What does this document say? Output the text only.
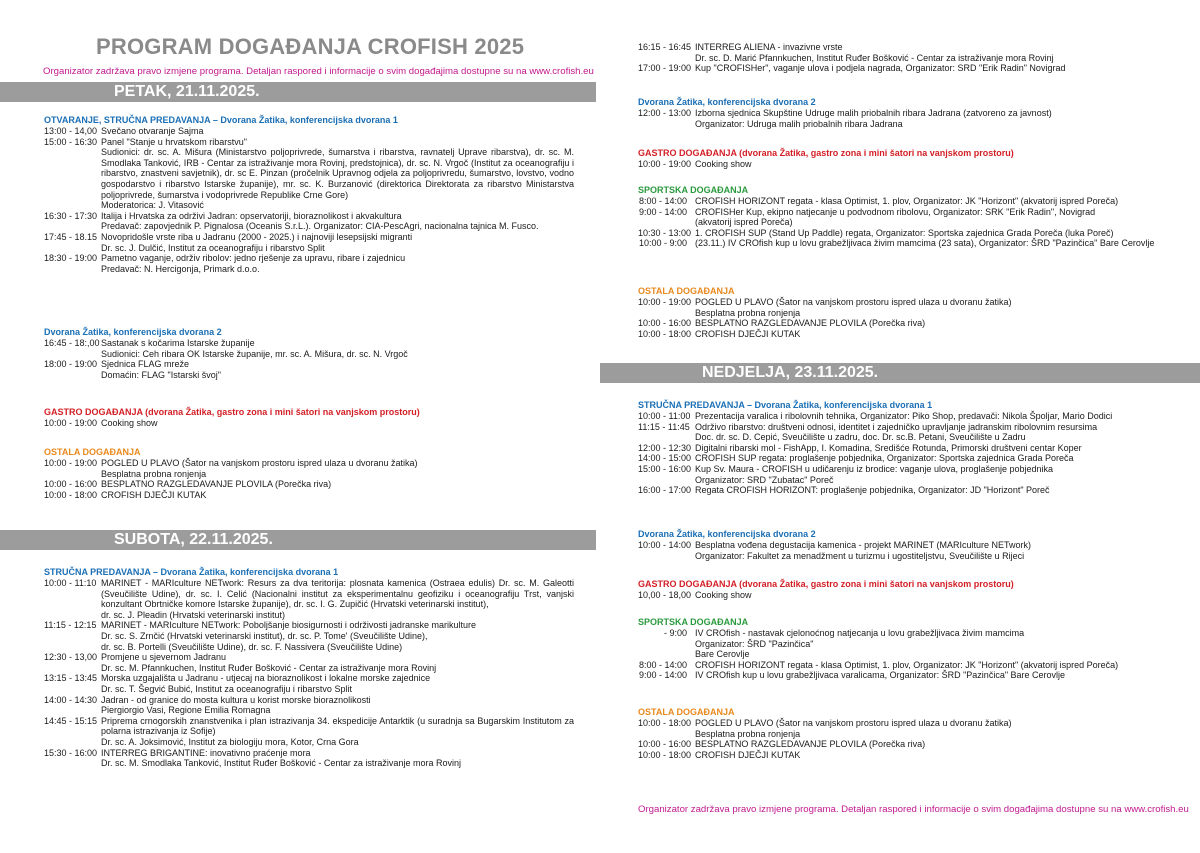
PROGRAM DOGAĐANJA CROFISH 2025
Organizator zadržava pravo izmjene programa. Detaljan raspored i informacije o svim događajima dostupne su na www.crofish.eu
PETAK, 21.11.2025.
OTVARANJE, STRUČNA PREDAVANJA – Dvorana Žatika, konferencijska dvorana 1
13:00 - 14,00 Svečano otvaranje Sajma
15:00 - 16:30 Panel "Stanje u hrvatskom ribarstvu"
Sudionici: dr. sc. A. Mišura (Ministarstvo poljoprivrede, šumarstva i ribarstva, ravnatelj Uprave ribarstva), dr. sc. M. Smodlaka Tanković, IRB - Centar za istraživanje mora Rovinj, predstojnica), dr. sc. N. Vrgoč (Institut za oceanografiju i ribarstvo, znastveni savjetnik), dr. sc E. Pinzan (pročelnik Upravnog odjela za poljoprivredu, šumarstvo, lovstvo, vodno gospodarstvo i ribarstvo Istarske županije), mr. sc. K. Burzanović (direktorica Direktorata za ribarstvo Ministarstva poljoprivrede, šumarstva i vodoprivrede Republike Crne Gore)
Moderatorica: J. Vitasović
16:30 - 17:30 Italija i Hrvatska za održivi Jadran: opservatoriji, bioraznolikost i akvakultura
Predavač: zapovjednik P. Pignalosa (Oceanis S.r.L.). Organizator: CIA-PescAgri, nacionalna tajnica M. Fusco.
17:45 - 18.15 Novopridošle vrste riba u Jadranu (2000 - 2025.) i najnoviji lesepsijski migranti
Dr. sc. J. Dulčić, Institut za oceanografiju i ribarstvo Split
18:30 - 19:00 Pametno vaganje, održiv ribolov: jedno rješenje za upravu, ribare i zajednicu
Predavač: N. Hercigonja, Primark d.o.o.
Dvorana Žatika, konferencijska dvorana 2
16:45 - 18:,00 Sastanak s kočarima Istarske županije
Sudionici: Ceh ribara OK Istarske županije, mr. sc. A. Mišura, dr. sc. N. Vrgoč
18:00 - 19:00 Sjednica FLAG mreže
Domaćin: FLAG "Istarski švoj"
GASTRO DOGAĐANJA (dvorana Žatika, gastro zona i mini šatori na vanjskom prostoru)
10:00 - 19:00 Cooking show
OSTALA DOGAĐANJA
10:00 - 19:00 POGLED U PLAVO (Šator na vanjskom prostoru ispred ulaza u dvoranu žatika)
Besplatna probna ronjenja
10:00 - 16:00 BESPLATNO RAZGLEDAVANJE PLOVILA (Porečka riva)
10:00 - 18:00 CROFISH DJEČJI KUTAK
SUBOTA, 22.11.2025.
STRUČNA PREDAVANJA – Dvorana Žatika, konferencijska dvorana 1
10:00 - 11:10 MARINET - MARIculture NETwork: Resurs za dva teritorija: plosnata kamenica (Ostraea edulis) Dr. sc. M. Galeotti (Sveučilište Udine), dr. sc. I. Celić (Nacionalni institut za eksperimentalnu geofiziku i oceanografiju Trst, vanjski konzultant Obrtničke komore Istarske županije), dr. sc. I. G. Zupičić (Hrvatski veterinarski institut),
dr. sc. J. Pleadin (Hrvatski veterinarski institut)
11:15 - 12:15 MARINET - MARIculture NETwork: Poboljšanje biosigurnosti i održivosti jadranske marikulture
Dr. sc. S. Zrnčić (Hrvatski veterinarski institut), dr. sc. P. Tome' (Sveučilište Udine),
dr. sc. B. Portelli (Sveučilište Udine), dr. sc. F. Nassivera (Sveučilište Udine)
12:30 - 13,00 Promjene u sjevernom Jadranu
Dr. sc. M. Pfannkuchen, Institut Ruđer Bošković - Centar za istraživanje mora Rovinj
13:15 - 13:45 Morska uzgajališta u Jadranu - utjecaj na bioraznolikost i lokalne morske zajednice
Dr. sc. T. Šegvić Bubić, Institut za oceanografiju i ribarstvo Split
14:00 - 14:30 Jadran - od granice do mosta kultura u korist morske bioraznolikosti
Piergiorgio Vasi, Regione Emilia Romagna
14:45 - 15:15 Priprema crnogorskih znanstvenika i plan istrazivanja 34. ekspedicije Antarktik (u suradnja sa Bugarskim Institutom za polarna istrazivanja iz Sofije)
Dr. sc. A. Joksimović, Institut za biologiju mora, Kotor, Crna Gora
15:30 - 16:00 INTERREG BRIGANTINE: inovativno praćenje mora
Dr. sc. M. Smodlaka Tanković, Institut Ruđer Bošković - Centar za istraživanje mora Rovinj
16:15 - 16:45 INTERREG ALIENA - invazivne vrste
Dr. sc. D. Marić Pfannkuchen, Institut Ruđer Bošković - Centar za istraživanje mora Rovinj
17:00 - 19:00 Kup "CROFISHer", vaganje ulova i podjela nagrada, Organizator: SRD "Erik Radin" Novigrad
Dvorana Žatika, konferencijska dvorana 2
12:00 - 13:00 Izborna sjednica Skupštine Udruge malih priobalnih ribara Jadrana (zatvoreno za javnost)
Organizator: Udruga malih priobalnih ribara Jadrana
GASTRO DOGAĐANJA (dvorana Žatika, gastro zona i mini šatori na vanjskom prostoru)
10:00 - 19:00 Cooking show
SPORTSKA DOGAĐANJA
8:00 - 14:00 CROFISH HORIZONT regata - klasa Optimist, 1. plov, Organizator: JK "Horizont" (akvatorij ispred Poreča)
9:00 - 14:00 CROFISHer Kup, ekipno natjecanje u podvodnom ribolovu, Organizator: SRK "Erik Radin", Novigrad
(akvatorij ispred Poreča)
10:30 - 13:00 1. CROFISH SUP (Stand Up Paddle) regata, Organizator: Sportska zajednica Grada Poreča (luka Poreč)
10:00 - 9:00 (23.11.) IV CROfish kup u lovu grabežljivaca živim mamcima (23 sata), Organizator: ŠRD "Pazinčica" Bare Cerovlje
OSTALA DOGAĐANJA
10:00 - 19:00 POGLED U PLAVO (Šator na vanjskom prostoru ispred ulaza u dvoranu žatika)
Besplatna probna ronjenja
10:00 - 16:00 BESPLATNO RAZGLEDAVANJE PLOVILA (Porečka riva)
10:00 - 18:00 CROFISH DJEČJI KUTAK
NEDJELJA, 23.11.2025.
STRUČNA PREDAVANJA – Dvorana Žatika, konferencijska dvorana 1
10:00 - 11:00 Prezentacija varalica i ribolovnih tehnika, Organizator: Piko Shop, predavači: Nikola Špoljar, Mario Dodici
11:15 - 11:45 Održivo ribarstvo: društveni odnosi, identitet i zajedničko upravljanje jadranskim ribolovnim resursima
Doc. dr. sc. D. Cepić, Sveučilište u zadru, doc. Dr. sc.B. Petani, Sveučilište u Zadru
12:00 - 12:30 Digitalni ribarski mol - FishApp, I. Komadina, Središće Rotunda, Primorski društveni centar Koper
14:00 - 15:00 CROFISH SUP regata: proglašenje pobjednika, Organizator: Sportska zajednica Grada Poreča
15:00 - 16:00 Kup Sv. Maura - CROFISH u udičarenju iz brodice: vaganje ulova, proglašenje pobjednika
Organizator: SRD "Zubatac" Poreč
16:00 - 17:00 Regata CROFISH HORIZONT: proglašenje pobjednika, Organizator: JD "Horizont" Poreč
Dvorana Žatika, konferencijska dvorana 2
10:00 - 14:00 Besplatna vođena degustacija kamenica - projekt MARINET (MARIculture NETwork)
Organizator: Fakultet za menadžment u turizmu i ugostiteljstvu, Sveučilište u Rijeci
GASTRO DOGAĐANJA (dvorana Žatika, gastro zona i mini šatori na vanjskom prostoru)
10,00 - 18,00 Cooking show
SPORTSKA DOGAĐANJA
- 9:00 IV CROfish - nastavak cjelonoćnog natjecanja u lovu grabežljivaca živim mamcima
Organizator: ŠRD "Pazinčica"
Bare Cerovlje
8:00 - 14:00 CROFISH HORIZONT regata - klasa Optimist, 1. plov, Organizator: JK "Horizont" (akvatorij ispred Poreča)
9:00 - 14:00 IV CROfish kup u lovu grabežljivaca varalicama, Organizator: ŠRD "Pazinčica" Bare Cerovlje
OSTALA DOGAĐANJA
10:00 - 18:00 POGLED U PLAVO (Šator na vanjskom prostoru ispred ulaza u dvoranu žatika)
Besplatna probna ronjenja
10:00 - 16:00 BESPLATNO RAZGLEDAVANJE PLOVILA (Porečka riva)
10:00 - 18:00 CROFISH DJEČJI KUTAK
Organizator zadržava pravo izmjene programa. Detaljan raspored i informacije o svim događajima dostupne su na www.crofish.eu
